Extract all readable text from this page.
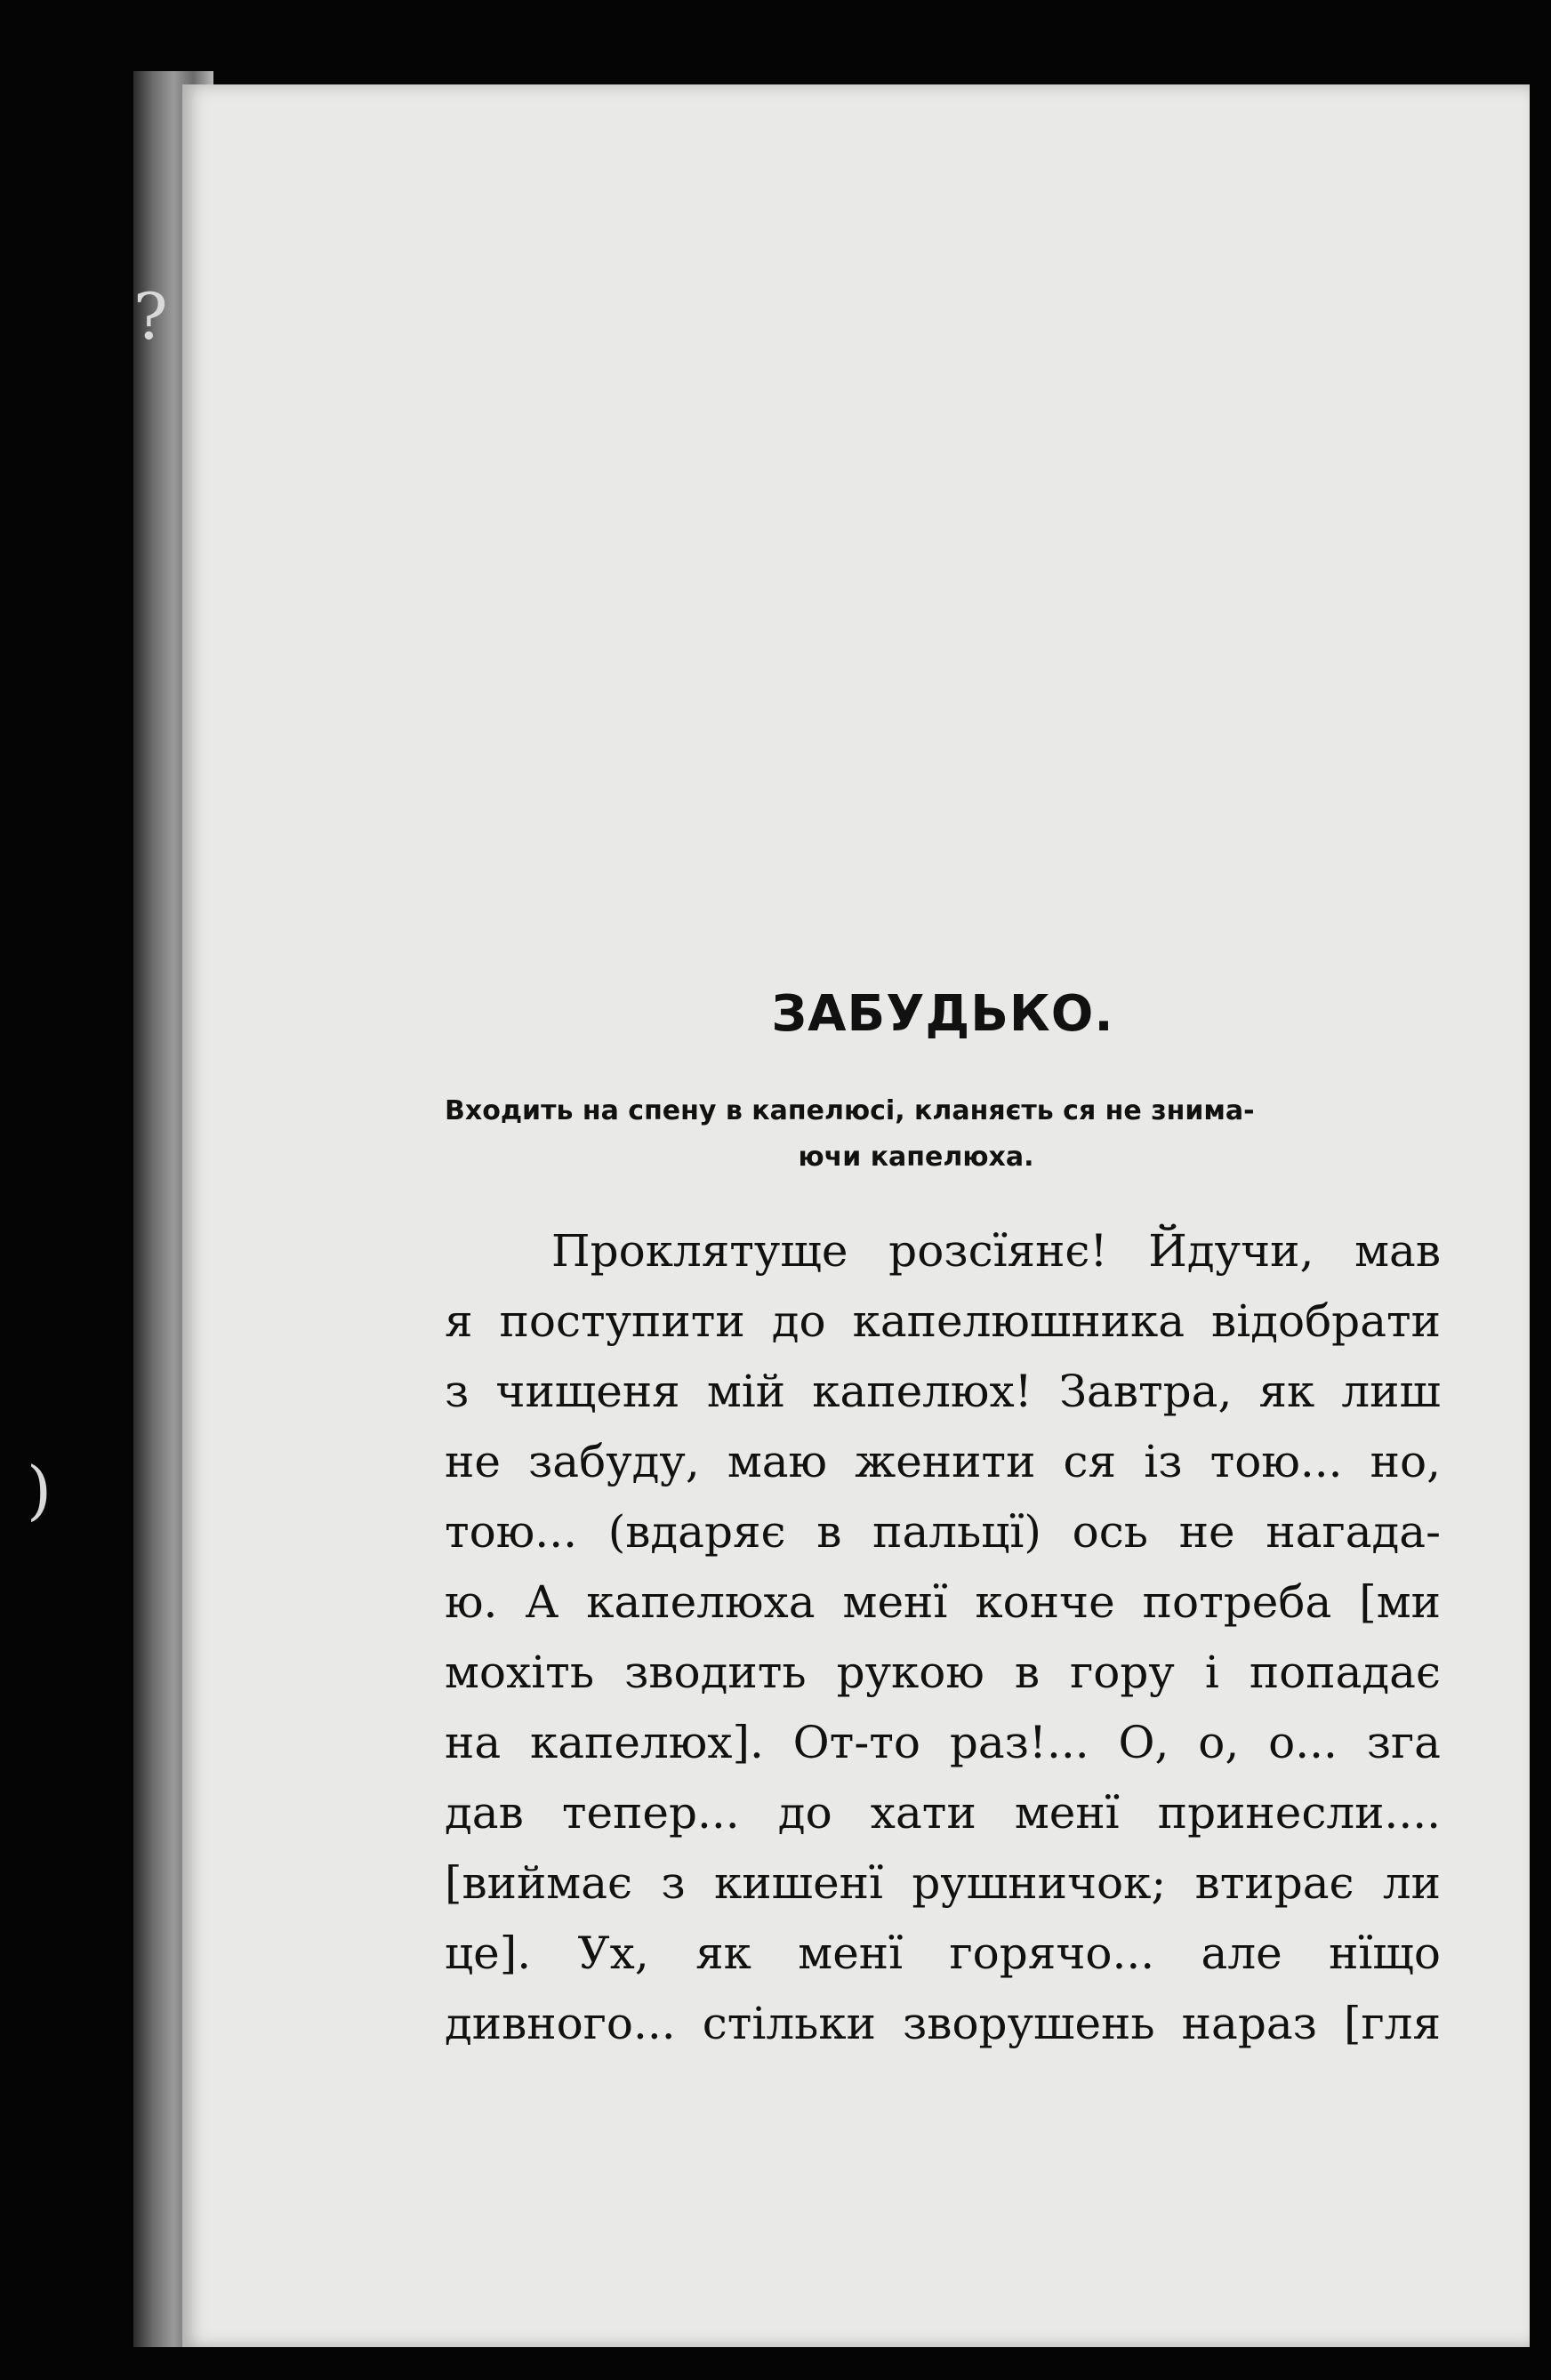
?
)
ЗАБУДЬКО.
Входить на спену в капелюсі, кланяєть ся не знима-
ючи капелюха.
Проклятуще розсїянє! Йдучи, мав
я поступити до капелюшника відобрати
з чищеня мій капелюх! Завтра, як лиш
не забуду, маю женити ся із тою... но,
тою... (вдаряє в пальцї) ось не нагада-
ю. А капелюха менї конче потреба [ми
мохіть зводить рукою в гору і попадає
на капелюх]. От-то раз!... О, о, о... зга
дав тепер... до хати менї принесли....
[виймає з кишенї рушничок; втирає ли
це]. Ух, як менї горячо... але нїщо
дивного... стільки зворушень нараз [гля
